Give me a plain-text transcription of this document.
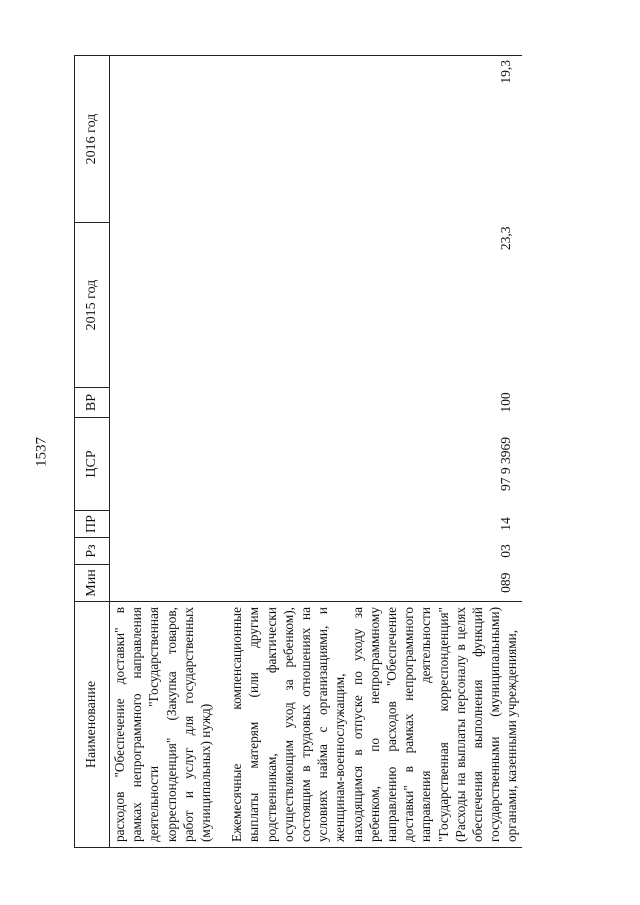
1537
Наименование	Мин	Рз	ПР	ЦСР	ВР	2015 год	2016 год
расходов "Обеспечение доставки" в рамках непрограммного направления деятельности "Государственная корреспонденция" (Закупка товаров, работ и услуг для государственных (муниципальных) нужд)							

Ежемесячные компенсационные выплаты матерям (или другим родственникам, фактически осуществляющим уход за ребенком), состоящим в трудовых отношениях на условиях найма с организациями, и женщинам-военнослужащим, находящимся в отпуске по уходу за ребенком, по непрограммному направлению расходов "Обеспечение доставки" в рамках непрограммного направления деятельности "Государственная корреспонденция" (Расходы на выплаты персоналу в целях обеспечения выполнения функций государственными (муниципальными) органами, казенными учреждениями,	089	03	14	97 9 3969	100	23,3	19,3
